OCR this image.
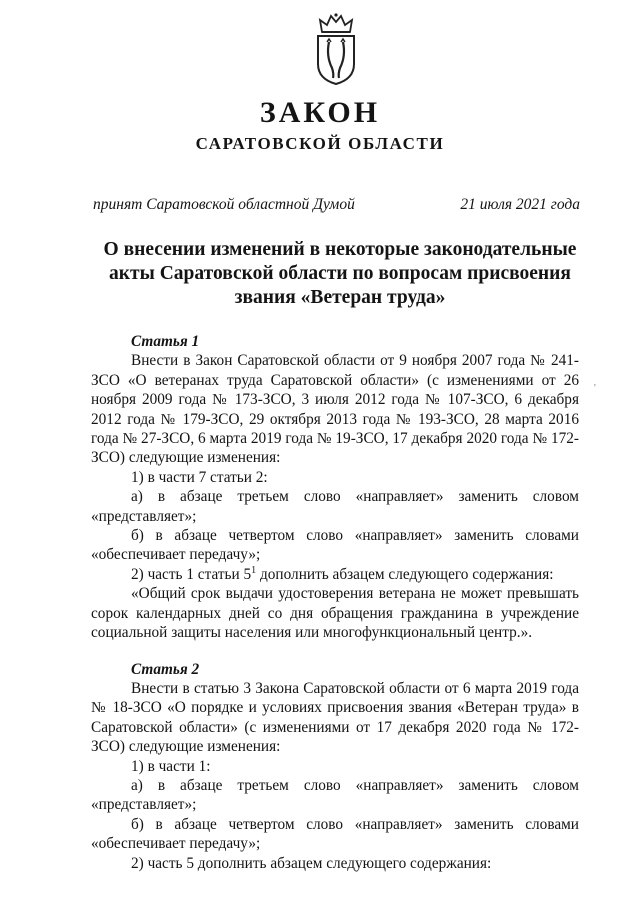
ЗАКОН
САРАТОВСКОЙ ОБЛАСТИ
принят Саратовской областной Думой	21 июля 2021 года
О внесении изменений в некоторые законодательные акты Саратовской области по вопросам присвоения звания «Ветеран труда»
'

Статья 1

Внести в Закон Саратовской области от 9 ноября 2007 года № 241-ЗСО «О ветеранах труда Саратовской области» (с изменениями от 26 ноября 2009 года № 173-ЗСО, 3 июля 2012 года № 107-ЗСО, 6 декабря 2012 года № 179-ЗСО, 29 октября 2013 года № 193-ЗСО, 28 марта 2016 года № 27-ЗСО, 6 марта 2019 года № 19-ЗСО, 17 декабря 2020 года № 172-ЗСО) следующие изменения:

1) в части 7 статьи 2:

а) в абзаце третьем слово «направляет» заменить словом «представляет»;

б) в абзаце четвертом слово «направляет» заменить словами «обеспечивает передачу»;

2) часть 1 статьи $5^1$ дополнить абзацем следующего содержания:

«Общий срок выдачи удостоверения ветерана не может превышать сорок календарных дней со дня обращения гражданина в учреждение социальной защиты населения или многофункциональный центр.».

Статья 2

Внести в статью 3 Закона Саратовской области от 6 марта 2019 года № 18-ЗСО «О порядке и условиях присвоения звания «Ветеран труда» в Саратовской области» (с изменениями от 17 декабря 2020 года № 172-ЗСО) следующие изменения:

1) в части 1:

а) в абзаце третьем слово «направляет» заменить словом «представляет»;

б) в абзаце четвертом слово «направляет» заменить словами «обеспечивает передачу»;

2) часть 5 дополнить абзацем следующего содержания:
